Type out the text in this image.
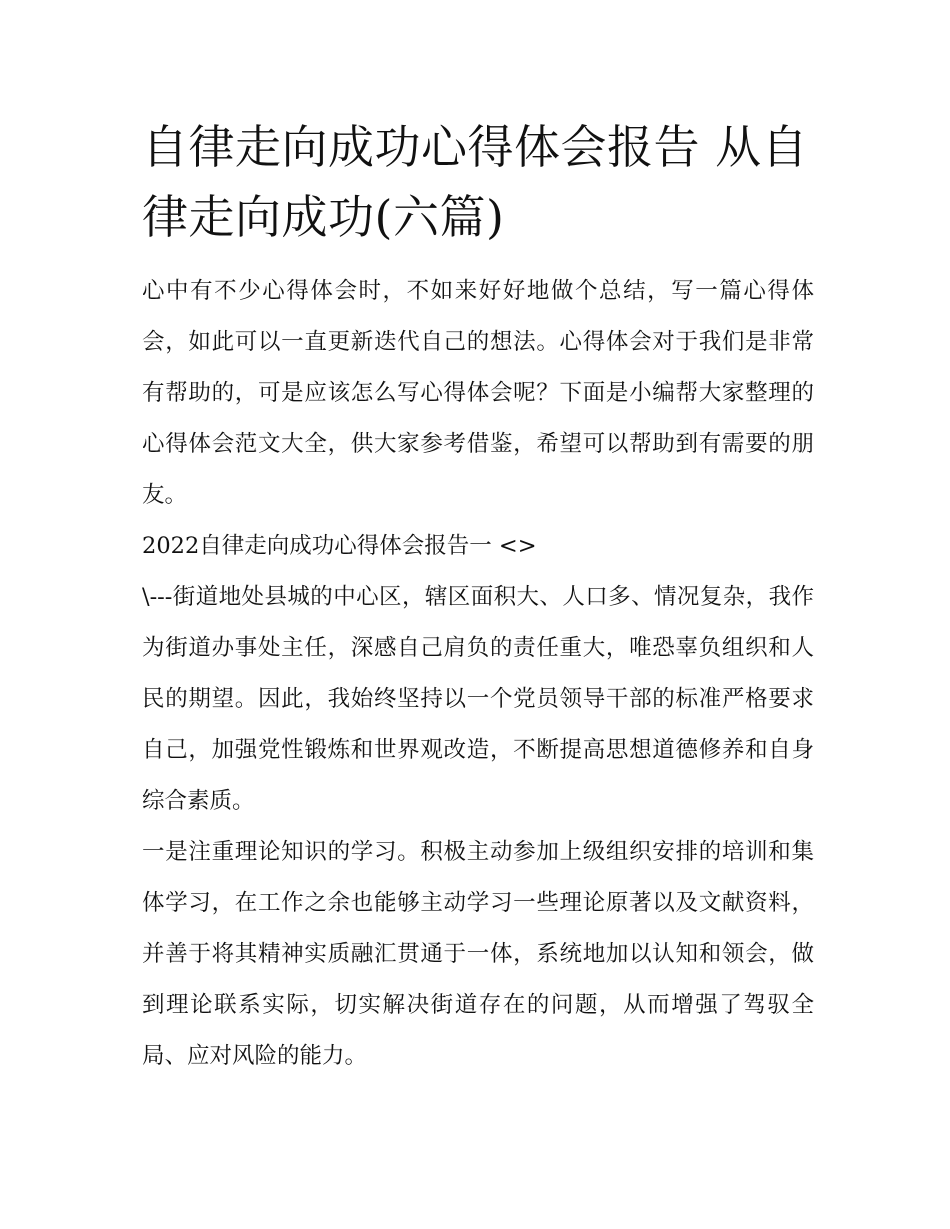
自律走向成功心得体会报告 从自律走向成功(六篇)

心中有不少心得体会时，不如来好好地做个总结，写一篇心得体会，如此可以一直更新迭代自己的想法。心得体会对于我们是非常有帮助的，可是应该怎么写心得体会呢？下面是小编帮大家整理的心得体会范文大全，供大家参考借鉴，希望可以帮助到有需要的朋友。

2022自律走向成功心得体会报告一 <>

\---街道地处县城的中心区，辖区面积大、人口多、情况复杂，我作为街道办事处主任，深感自己肩负的责任重大，唯恐辜负组织和人民的期望。因此，我始终坚持以一个党员领导干部的标准严格要求自己，加强党性锻炼和世界观改造，不断提高思想道德修养和自身综合素质。

一是注重理论知识的学习。积极主动参加上级组织安排的培训和集体学习，在工作之余也能够主动学习一些理论原著以及文献资料，并善于将其精神实质融汇贯通于一体，系统地加以认知和领会，做到理论联系实际，切实解决街道存在的问题，从而增强了驾驭全局、应对风险的能力。
